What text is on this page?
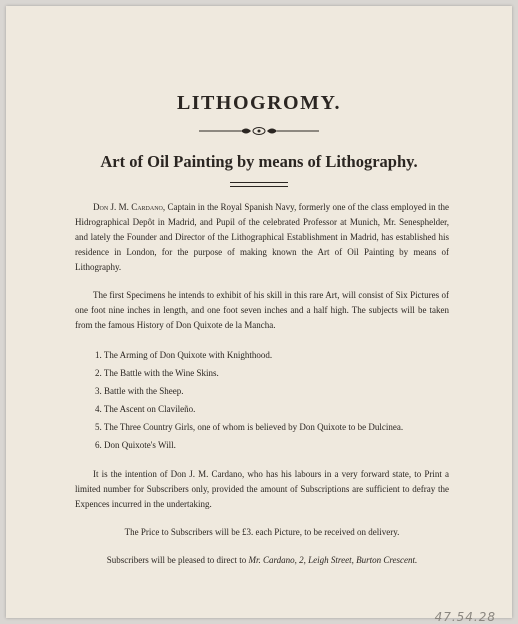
LITHOGROMY.
Art of Oil Painting by means of Lithography.

Don J. M. Cardano, Captain in the Royal Spanish Navy, formerly one of the class employed in the Hidrographical Depôt in Madrid, and Pupil of the celebrated Professor at Munich, Mr. Senesphelder, and lately the Founder and Director of the Lithographical Establishment in Madrid, has established his residence in London, for the purpose of making known the Art of Oil Painting by means of Lithography.

The first Specimens he intends to exhibit of his skill in this rare Art, will consist of Six Pictures of one foot nine inches in length, and one foot seven inches and a half high. The subjects will be taken from the famous History of Don Quixote de la Mancha.

1. The Arming of Don Quixote with Knighthood.
2. The Battle with the Wine Skins.
3. Battle with the Sheep.
4. The Ascent on Clavileño.
5. The Three Country Girls, one of whom is believed by Don Quixote to be Dulcinea.
6. Don Quixote's Will.

It is the intention of Don J. M. Cardano, who has his labours in a very forward state, to Print a limited number for Subscribers only, provided the amount of Subscriptions are sufficient to defray the Expences incurred in the undertaking.

The Price to Subscribers will be £3. each Picture, to be received on delivery.

Subscribers will be pleased to direct to Mr. Cardano, 2, Leigh Street, Burton Crescent.

47.54.28
